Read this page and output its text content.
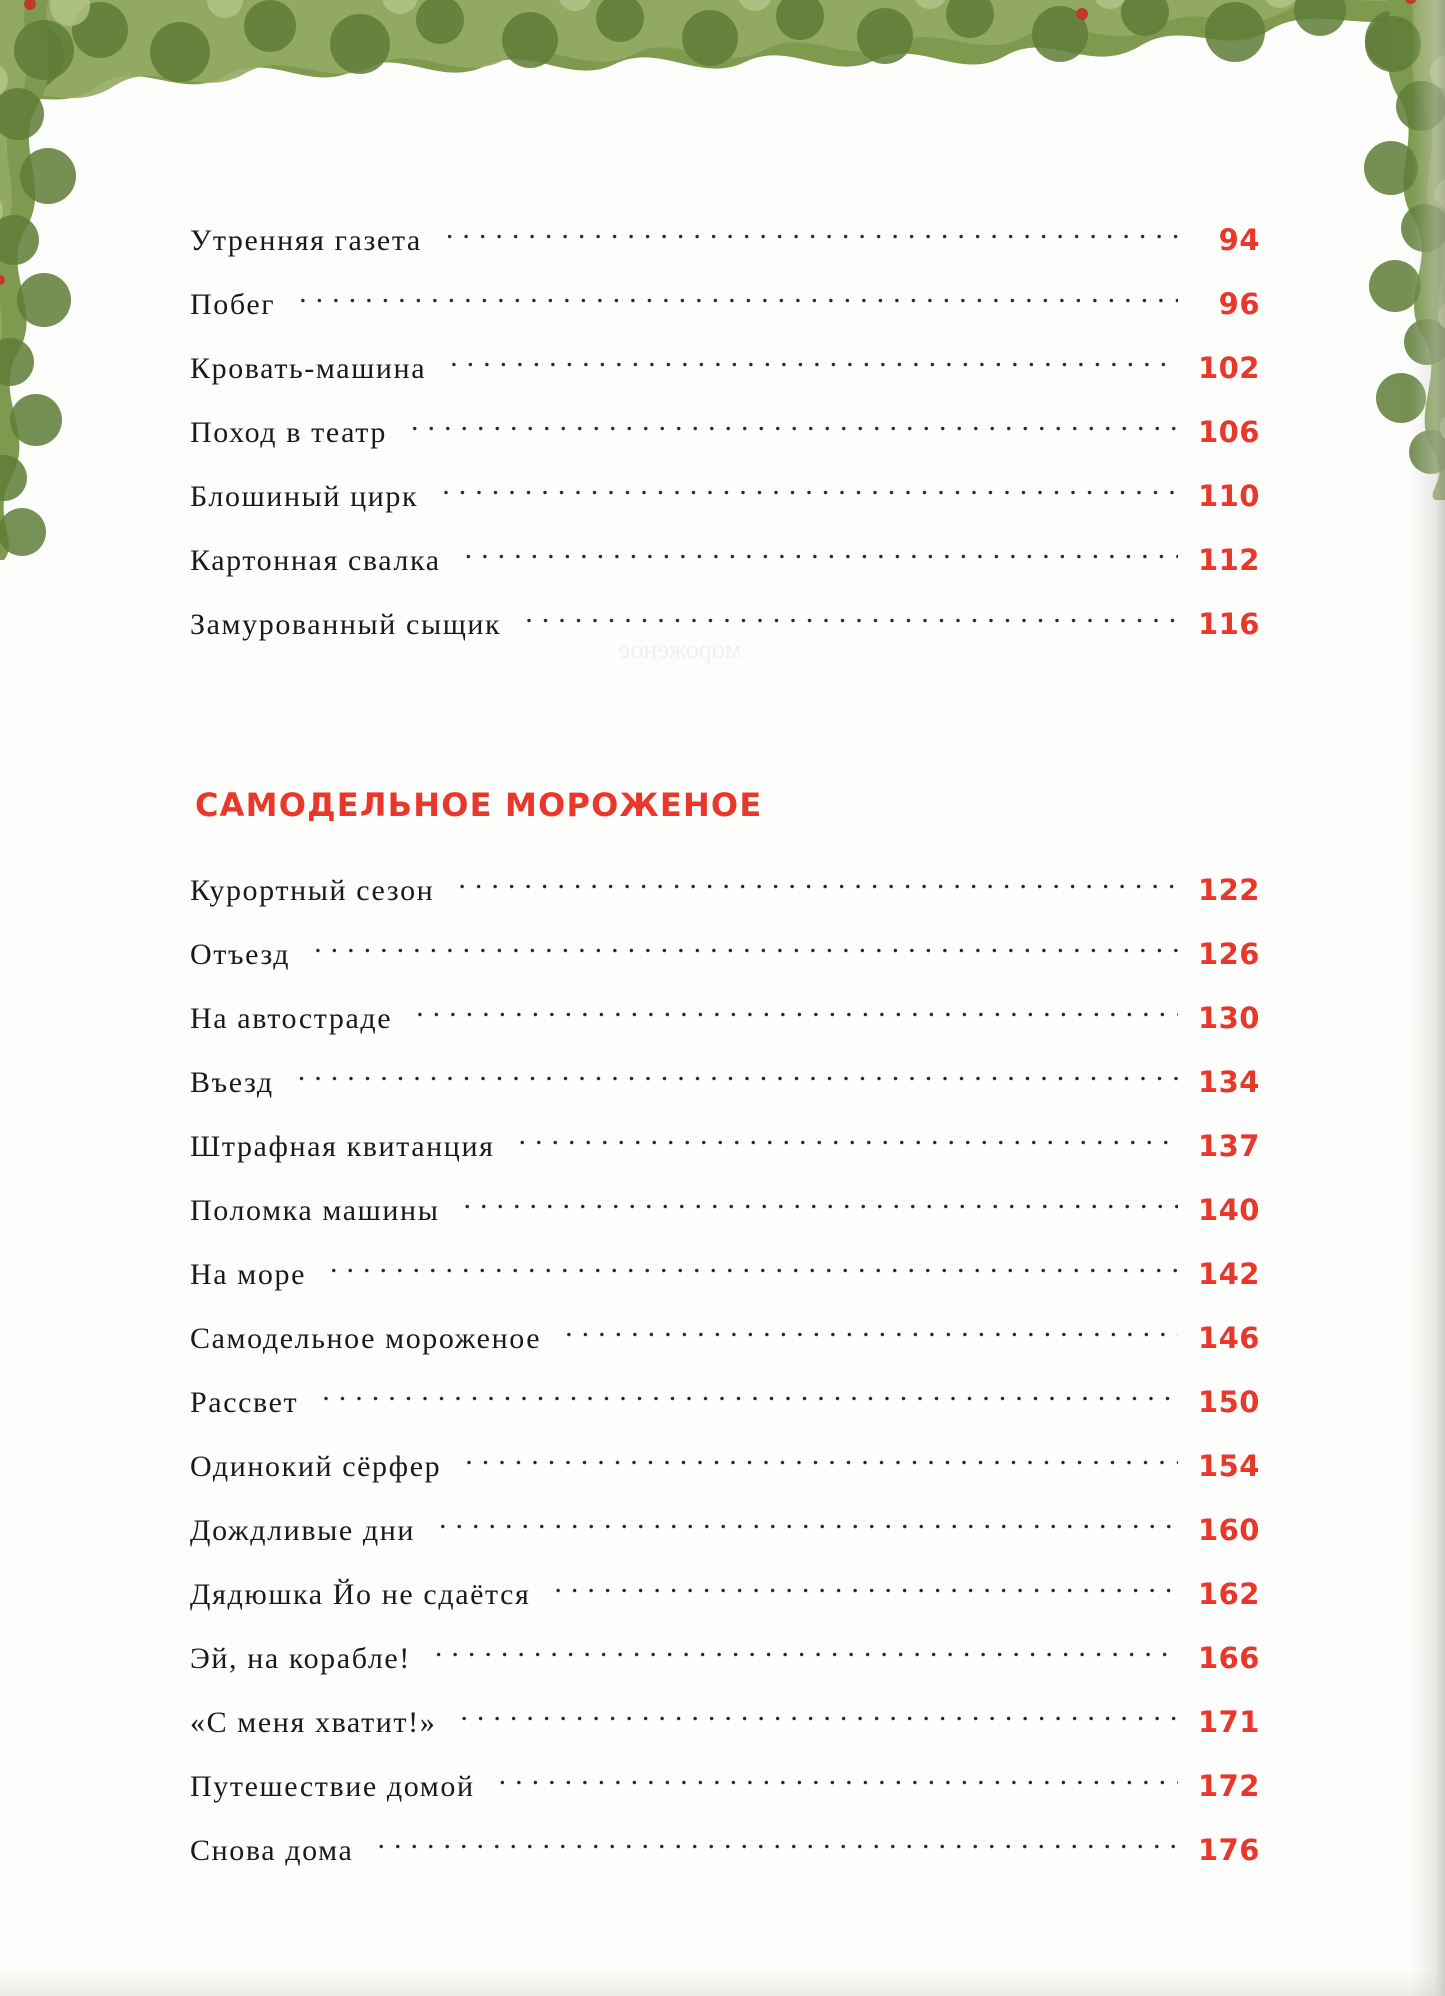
мороженое
Утренняя газета .....	94
Побег .....	96
Кровать-машина .....	102
Поход в театр .....	106
Блошиный цирк .....	110
Картонная свалка .....	112
Замурованный сыщик .....	116
САМОДЕЛЬНОЕ МОРОЖЕНОЕ
Курортный сезон .....	122
Отъезд .....	126
На автостраде .....	130
Въезд .....	134
Штрафная квитанция .....	137
Поломка машины .....	140
На море .....	142
Самодельное мороженое .....	146
Рассвет .....	150
Одинокий сёрфер .....	154
Дождливые дни .....	160
Дядюшка Йо не сдаётся .....	162
Эй, на корабле! .....	166
«С меня хватит!» .....	171
Путешествие домой .....	172
Снова дома .....	176
